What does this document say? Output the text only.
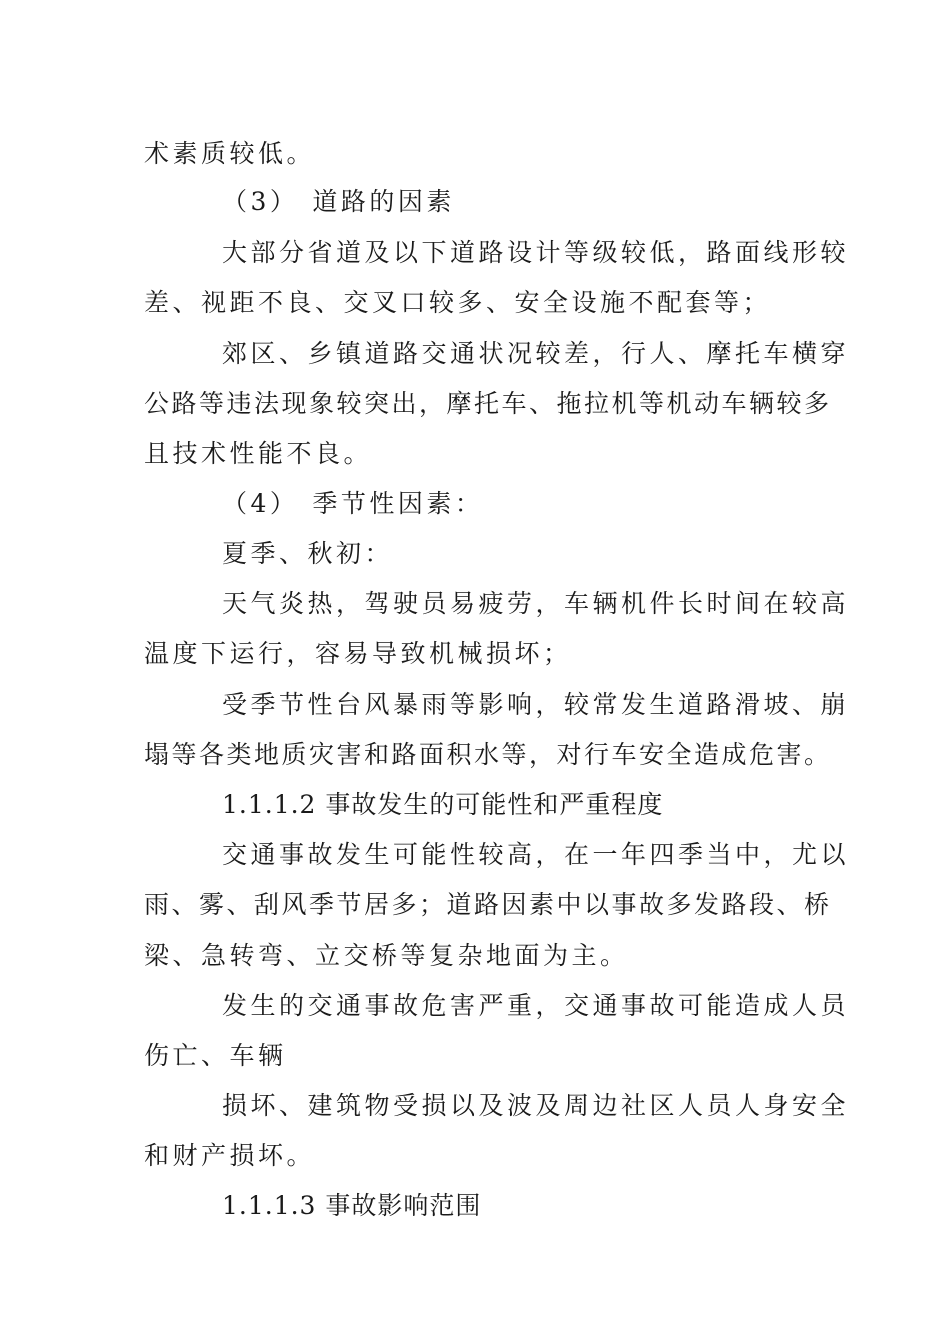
术素质较低。
（3） 道路的因素
大部分省道及以下道路设计等级较低，路面线形较
差、视距不良、交叉口较多、安全设施不配套等；
郊区、乡镇道路交通状况较差，行人、摩托车横穿
公路等违法现象较突出，摩托车、拖拉机等机动车辆较多
且技术性能不良。
（4） 季节性因素：
夏季、秋初：
天气炎热，驾驶员易疲劳，车辆机件长时间在较高
温度下运行，容易导致机械损坏；
受季节性台风暴雨等影响，较常发生道路滑坡、崩
塌等各类地质灾害和路面积水等，对行车安全造成危害。
1.1.1.2 事故发生的可能性和严重程度
交通事故发生可能性较高，在一年四季当中，尤以
雨、雾、刮风季节居多；道路因素中以事故多发路段、桥
梁、急转弯、立交桥等复杂地面为主。
发生的交通事故危害严重，交通事故可能造成人员
伤亡、车辆
损坏、建筑物受损以及波及周边社区人员人身安全
和财产损坏。
1.1.1.3 事故影响范围
